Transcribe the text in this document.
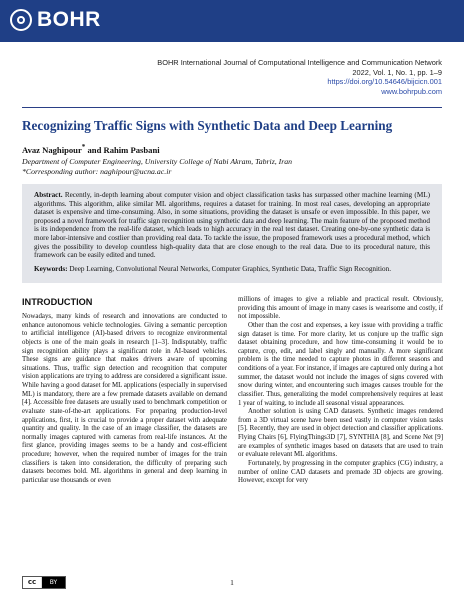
BOHR
BOHR International Journal of Computational Intelligence and Communication Network
2022, Vol. 1, No. 1, pp. 1–9
https://doi.org/10.54646/bijcicn.001
www.bohrpub.com
Recognizing Traffic Signs with Synthetic Data and Deep Learning
Avaz Naghipour* and Rahim Pasbani
Department of Computer Engineering, University College of Nabi Akram, Tabriz, Iran
*Corresponding author: naghipour@ucna.ac.ir

Abstract. Recently, in-depth learning about computer vision and object classification tasks has surpassed other machine learning (ML) algorithms. This algorithm, alike similar ML algorithms, requires a dataset for training. In most real cases, developing an appropriate dataset is expensive and time-consuming. Also, in some situations, providing the dataset is unsafe or even impossible. In this paper, we proposed a novel framework for traffic sign recognition using synthetic data and deep learning. The main feature of the proposed method is its independence from the real-life dataset, which leads to high accuracy in the real test dataset. Creating one-by-one synthetic data is more labor-intensive and costlier than providing real data. To tackle the issue, the proposed framework uses a procedural method, which gives the possibility to develop countless high-quality data that are close enough to the real data. Due to its procedural nature, this framework can be easily edited and tuned.

Keywords: Deep Learning, Convolutional Neural Networks, Computer Graphics, Synthetic Data, Traffic Sign Recognition.

INTRODUCTION

Nowadays, many kinds of research and innovations are conducted to enhance autonomous vehicle technologies. Giving a semantic perception to artificial intelligence (AI)-based drivers to recognize environmental objects is one of the main goals in research [1–3]. Indisputably, traffic sign recognition ability plays a significant role in AI-based vehicles. These signs are guidance that makes drivers aware of upcoming situations. Thus, traffic sign detection and recognition that computer vision applications are trying to address are considered a significant issue. While having a good dataset for ML applications (especially in supervised ML) is mandatory, there are a few premade datasets available on demand [4]. Accessible free datasets are usually used to benchmark competition or evaluate state-of-the-art applications. For preparing production-level applications, first, it is crucial to provide a proper dataset with adequate quantity and quality. In the case of an image classifier, the datasets are normally images captured with cameras from real-life instances. At the first glance, providing images seems to be a handy and cost-efficient procedure; however, when the required number of images for the train classifiers is taken into consideration, the difficulty of preparing such datasets becomes bold. ML algorithms in general and deep learning in particular use thousands or even

millions of images to give a reliable and practical result. Obviously, providing this amount of image in many cases is wearisome and costly, if not impossible.

Other than the cost and expenses, a key issue with providing a traffic sign dataset is time. For more clarity, let us conjure up the traffic sign dataset obtaining procedure, and how time-consuming it would be to capture, crop, edit, and label singly and manually. A more significant problem is the time needed to capture photos in different seasons and conditions of a year. For instance, if images are captured only during a hot summer, the dataset would not include the images of signs covered with snow during winter, and encountering such images causes trouble for the classifier. Thus, generalizing the model comprehensively requires at least 1 year of waiting, to include all seasonal visual appearances.

Another solution is using CAD datasets. Synthetic images rendered from a 3D virtual scene have been used vastly in computer vision tasks [5]. Recently, they are used in object detection and classifier applications. Flying Chairs [6], FlyingThings3D [7], SYNTHIA [8], and Scene Net [9] are examples of synthetic images based on datasets that are used to train or evaluate relevant ML algorithms.

Fortunately, by progressing in the computer graphics (CG) industry, a number of online CAD datasets and premade 3D objects are growing. However, except for very

cc	BY	1
